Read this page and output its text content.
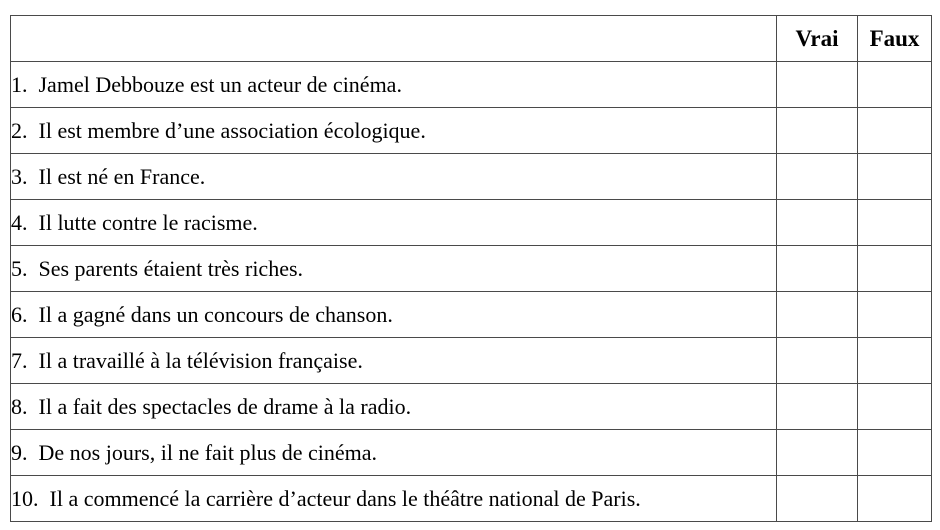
	Vrai	Faux
1. Jamel Debbouze est un acteur de cinéma.		
2. Il est membre d’une association écologique.		
3. Il est né en France.		
4. Il lutte contre le racisme.		
5. Ses parents étaient très riches.		
6. Il a gagné dans un concours de chanson.		
7. Il a travaillé à la télévision française.		
8. Il a fait des spectacles de drame à la radio.		
9. De nos jours, il ne fait plus de cinéma.		
10. Il a commencé la carrière d’acteur dans le théâtre national de Paris.		
